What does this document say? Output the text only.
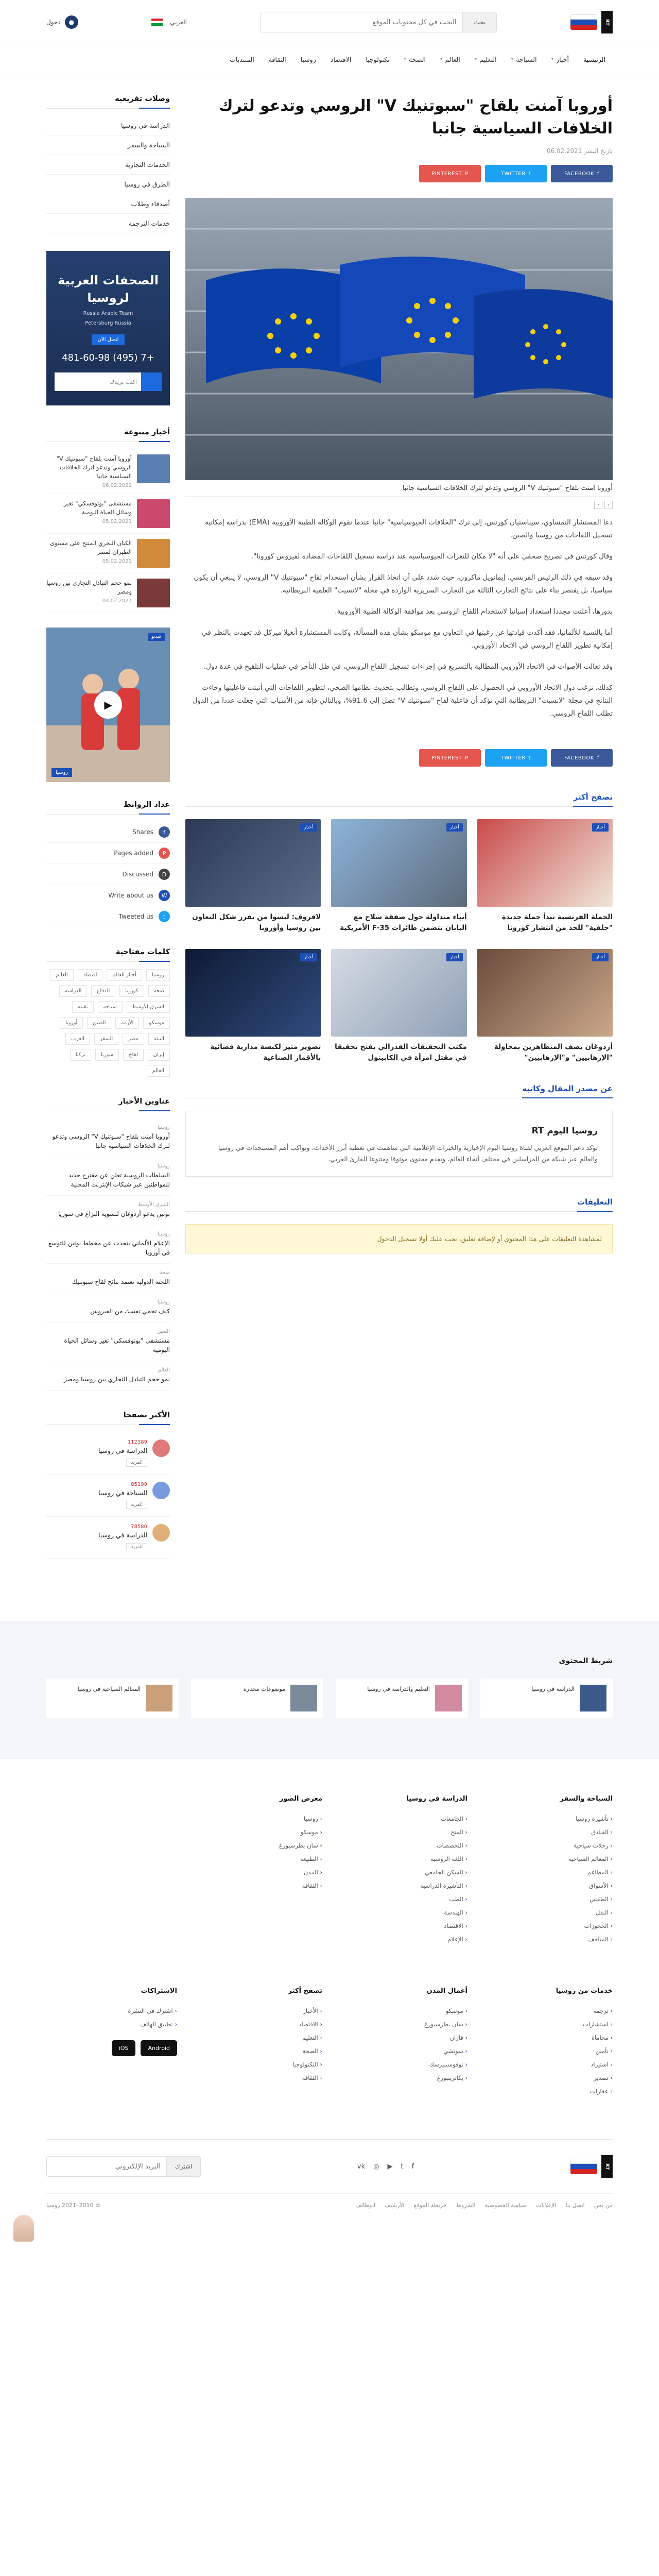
RT
بحث
البحث في كل محتويات الموقع
العربي
●
دخول
الرئيسية
أخبار
▾
السياحة
▾
التعليم
▾
العالم
▾
الصحة
▾
تكنولوجيا
الاقتصاد
روسيا
الثقافة
المنتديات
أوروبا آمنت بلقاح "سبوتنيك V" الروسي وتدعو لترك الخلافات السياسية جانبا
تاريخ النشر 06.02.2021
f
FACEBOOK
t
TWITTER
P
PINTEREST
أوروبا آمنت بلقاح "سبوتنيك V" الروسي وتدعو لترك الخلافات السياسية جانبا
›
‹

دعا المستشار النمساوي، سيباستيان كورتس، إلى ترك "الخلافات الجيوسياسية" جانبا عندما تقوم الوكالة الطبية الأوروبية (EMA) بدراسة إمكانية تسجيل اللقاحات من روسيا والصين.

وقال كورتس في تصريح صحفي على أنه "لا مكان للنعرات الجيوسياسية عند دراسة تسجيل اللقاحات المضادة لفيروس كورونا".

وقد سبقه في ذلك الرئيس الفرنسي، إيمانويل ماكرون، حيث شدد على أن اتخاذ القرار بشأن استخدام لقاح "سبوتنيك V" الروسي، لا ينبغي أن يكون سياسيا، بل يقتصر بناء على نتائج التجارب الثالثة من التجارب السريرية الواردة في مجلة "لانسيت" العلمية البريطانية.

بدورها، أعلنت مجددا استعداد إسبانيا لاستخدام اللقاح الروسي بعد موافقة الوكالة الطبية الأوروبية.

أما بالنسبة للألمانيا، فقد أكدت قيادتها عن رغبتها في التعاون مع موسكو بشأن هذه المسألة، وكانت المستشارة أنغيلا ميركل قد تعهدت بالنظر في إمكانية تطوير اللقاح الروسي في الاتحاد الأوروبي.

وقد تعالت الأصوات في الاتحاد الأوروبي المطالبة بالتسريع في إجراءات تسجيل اللقاح الروسي، في ظل التأخر في عمليات التلقيح في عدة دول.

كذلك، ترغب دول الاتحاد الأوروبي في الحصول على اللقاح الروسي، وتطالب بتحديث نظامها الصحي، لتطوير اللقاحات التي أثبتت فاعليتها وجاءت النتائج في مجلة "لانسيت" البريطانية التي تؤكد أن فاعلية لقاح "سبوتنيك V" تصل إلى 91.6%، وبالتالي فإنه من الأسباب التي جعلت عددا من الدول تطلب اللقاح الروسي.

f
FACEBOOK
t
TWITTER
P
PINTEREST
تصفح أكثر
أخبار
الحملة الفرنسية تبدأ حملة جديدة "حلفية" للحد من انتشار كورونا
أخبار
أنباء متداولة حول صفقة سلاح مع اليابان تتضمن طائرات F-35 الأمريكية
أخبار
لافروف: ليسوا من يقرر شكل التعاون بين روسيا وأوروبا
أخبار
أردوغان يصف المتظاهرين بمحاولة "الإرهابيين" و"الإرهابيين"
أخبار
مكتب التحقيقات الفدرالي يفتح تحقيقا في مقتل امرأة في الكابيتول
أخبار
تصوير متير لكبسة مدارية فضائية بالأقمار الصناعية
عن مصدر المقال وكاتبه
روسيا اليوم RT

تؤكد دعم الموقع العربي لقناة روسيا اليوم الإخبارية والخبرات الإعلامية التي ساهمت في تغطية أبرز الأحداث، وتواكب أهم المستجدات في روسيا والعالم عبر شبكة من المراسلين في مختلف أنحاء العالم، وتقدم محتوى موثوقا ومتنوعا للقارئ العربي.

التعليقات
لمشاهدة التعليقات على هذا المحتوى أو لإضافة تعليق، يجب عليك أولا تسجيل الدخول
وصلات تفريعيه
الدراسة في روسيا
السياحة والسفر
الخدمات التجارية
الطرق في روسيا
أصدقاء وطلاب
خدمات الترجمة
الصحفات العربية لروسيا
Russia Arabic Team
Petersburg Russia
اتصل الآن
+7 (495) 481-60-98
اكتب بريدك
أخبار منتوعة
أوروبا آمنت بلقاح "سبوتنيك V" الروسي وتدعو لترك الخلافات السياسية جانبا
06.02.2021
مستشفى "بوتوفسكي" تغير وسائل الحياة اليومية
05.02.2021
الكيان البحري المنتج على مستوى الطيران لمصر
05.02.2021
نمو حجم التبادل التجاري بين روسيا ومصر
04.02.2021
فيديو
▶
روسيا
عداد الروابط
f
Shares
P
Pages added
D
Discussed
W
Write about us
t
Tweeted us
كلمات مفتاحية
روسيا
أخبار العالم
اقتصاد
العالم
صحة
كورونا
الدفاع
الدراسة
الشرق الأوسط
سياحة
تقنية
موسكو
الأزمة
الصين
أوروبا
البيئة
مصر
السفر
العرب
إيران
لقاح
سوريا
تركيا
العالم
عناوين الأخبار
روسيا
أوروبا آمنت بلقاح "سبوتنيك V" الروسي وتدعو لترك الخلافات السياسية جانبا
روسيا
السلطات الروسية تعلن عن مقترح جديد للمواطنين عبر شبكات الإنترنت المحلية
الشرق الأوسط
بوتين يدعو أردوغان لتسوية النزاع في سوريا
روسيا
الإعلام الألماني يتحدث عن مخطط بوتين للتوسع في أوروبا
صحة
اللجنة الدولية تعتمد نتائج لقاح سبوتنيك
روسيا
كيف تحمي نفسك من الفيروس
الصين
مستشفى "بوتوفسكي" تغير وسائل الحياة اليومية
العالم
نمو حجم التبادل التجاري بين روسيا ومصر
الأكثر تصفحا
112389
الدراسة في روسيا
المزيد
85199
السياحة في روسيا
المزيد
78580
الدراسة في روسيا
المزيد
شريط المحتوى
الدراسة في روسيا
التعليم والدراسة في روسيا
موضوعات مختارة
المعالم السياحية في روسيا
السياحة والسفر
‹ تأشيرة روسيا
‹ الفنادق
‹ رحلات سياحية
‹ المعالم السياحية
‹ المطاعم
‹ الأسواق
‹ الطقس
‹ النقل
‹ الحجوزات
‹ المتاحف
الدراسة في روسيا
‹ الجامعات
‹ المنح
‹ التخصصات
‹ اللغة الروسية
‹ السكن الجامعي
‹ التأشيرة الدراسية
‹ الطب
‹ الهندسة
‹ الاقتصاد
‹ الإعلام
معرض الصور
‹ روسيا
‹ موسكو
‹ سان بطرسبورغ
‹ الطبيعة
‹ المدن
‹ الثقافة
خدمات من روسيا
‹ ترجمة
‹ استشارات
‹ محاماة
‹ تأمين
‹ استيراد
‹ تصدير
‹ عقارات
أعمال المدن
‹ موسكو
‹ سان بطرسبورغ
‹ قازان
‹ سوتشي
‹ نوفوسيبيرسك
‹ يكاترينبورغ
تصفح أكثر
‹ الأخبار
‹ الاقتصاد
‹ التعليم
‹ الصحة
‹ التكنولوجيا
‹ الثقافة
الاشتراكات
‹ اشترك في النشرة
‹ تطبيق الهاتف
Android
iOS
RT
f
t
▶
◎
vk
اشترك
البريد الإلكتروني
من نحن
اتصل بنا
الإعلانات
سياسة الخصوصية
الشروط
خريطة الموقع
الأرشيف
الوظائف
© 2010–2021 روسيا
